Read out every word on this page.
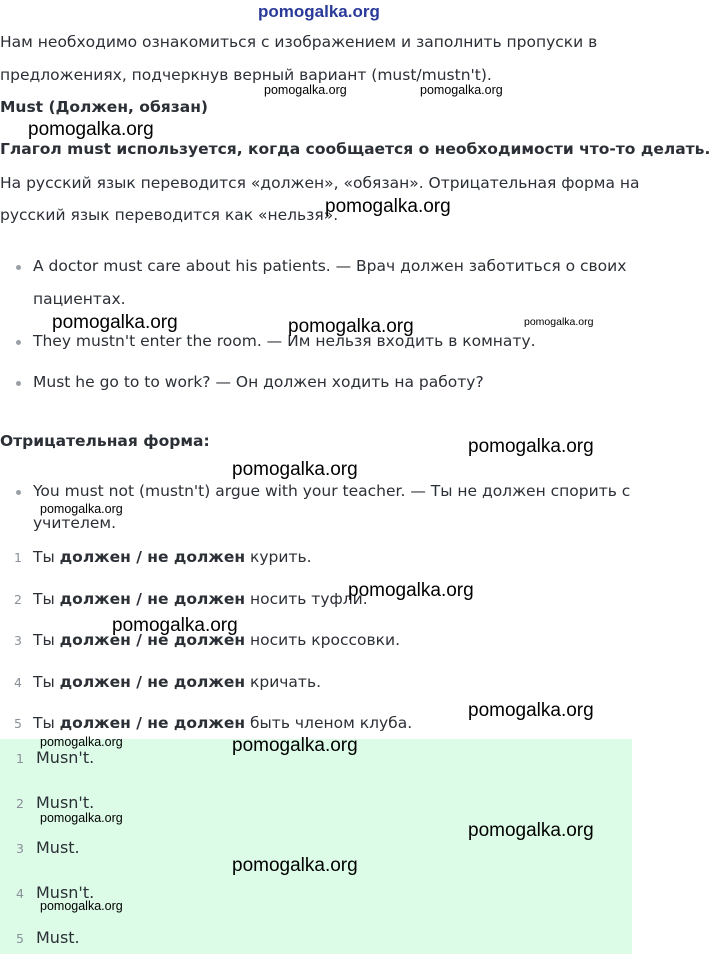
Нам необходимо ознакомиться с изображением и заполнить пропуски в
предложениях, подчеркнув верный вариант (must/mustn't).
Must (Должен, обязан)
Глагол must используется, когда сообщается о необходимости что-то делать.
На русский язык переводится «должен», «обязан». Отрицательная форма на
русский язык переводится как «нельзя».
A doctor must care about his patients. — Врач должен заботиться о своих
пациентах.
They mustn't enter the room. — Им нельзя входить в комнату.
Must he go to to work? — Он должен ходить на работу?
Отрицательная форма:
You must not (mustn't) argue with your teacher. — Ты не должен спорить с
учителем.
1 Ты должен / не должен курить.
2 Ты должен / не должен носить туфли.
3 Ты должен / не должен носить кроссовки.
4 Ты должен / не должен кричать.
5 Ты должен / не должен быть членом клуба.
1 Musn't.
2 Musn't.
3 Must.
4 Musn't.
5 Must.
pomogalka.org
pomogalka.org	pomogalka.org
pomogalka.org
pomogalka.org
pomogalka.org	pomogalka.org	pomogalka.org
pomogalka.org
pomogalka.org
pomogalka.org
pomogalka.org
pomogalka.org
pomogalka.org
pomogalka.org	pomogalka.org
pomogalka.org
pomogalka.org
pomogalka.org
pomogalka.org
